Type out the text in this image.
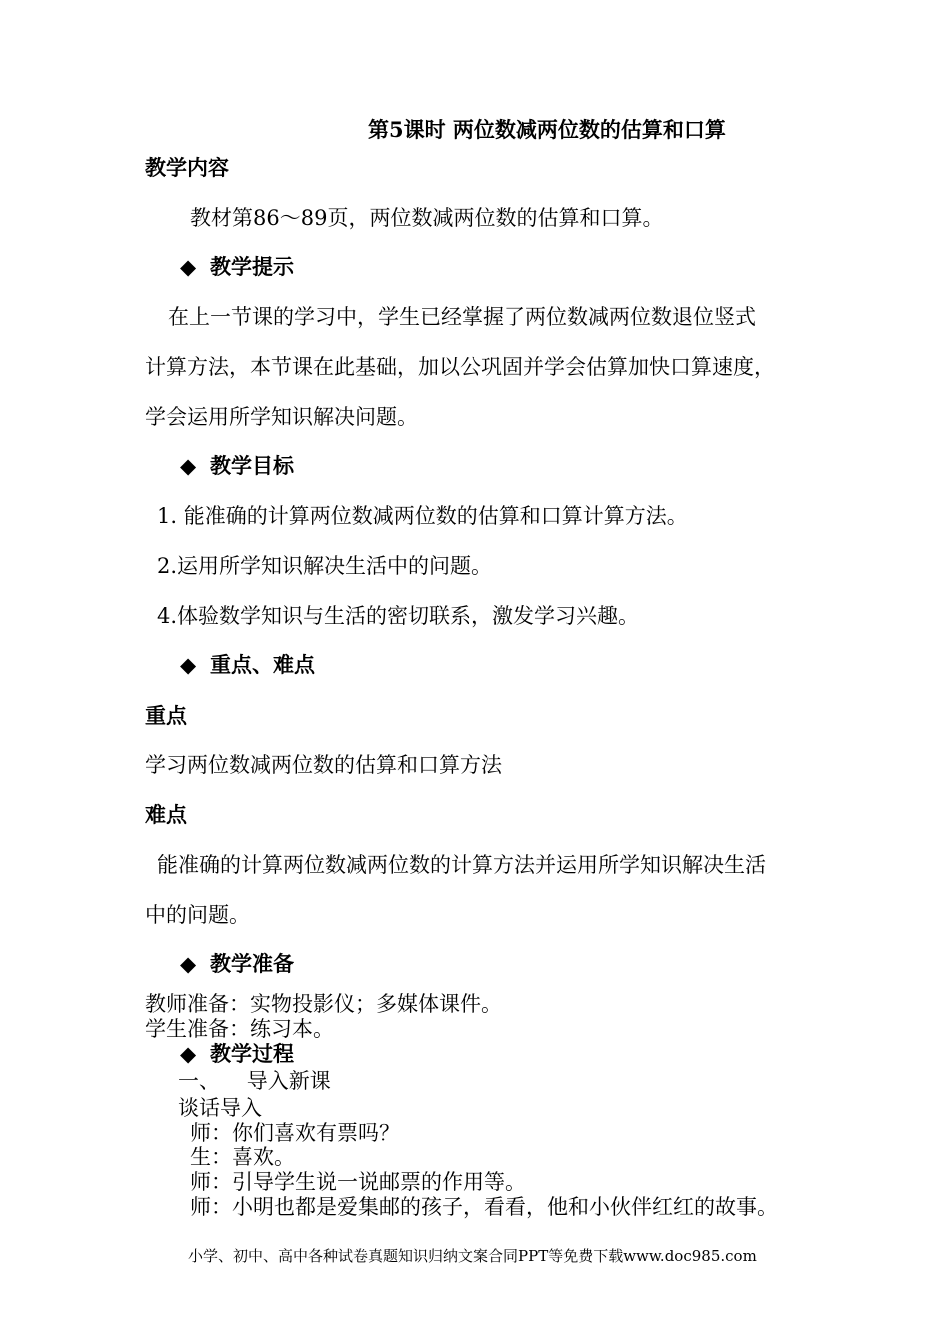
第5课时 两位数减两位数的估算和口算
教学内容
教材第86～89页，两位数减两位数的估算和口算。
◆ 教学提示
在上一节课的学习中，学生已经掌握了两位数减两位数退位竖式
计算方法，本节课在此基础，加以公巩固并学会估算加快口算速度，
学会运用所学知识解决问题。
◆ 教学目标
1. 能准确的计算两位数减两位数的估算和口算计算方法。
2.运用所学知识解决生活中的问题。
4.体验数学知识与生活的密切联系，激发学习兴趣。
◆ 重点、难点
重点
学习两位数减两位数的估算和口算方法
难点
能准确的计算两位数减两位数的计算方法并运用所学知识解决生活
中的问题。
◆ 教学准备
教师准备：实物投影仪；多媒体课件。
学生准备：练习本。
◆ 教学过程
一、    导入新课
谈话导入
师：你们喜欢有票吗？
生：喜欢。
师：引导学生说一说邮票的作用等。
师：小明也都是爱集邮的孩子，看看，他和小伙伴红红的故事。
小学、初中、高中各种试卷真题知识归纳文案合同PPT等免费下载www.doc985.com
